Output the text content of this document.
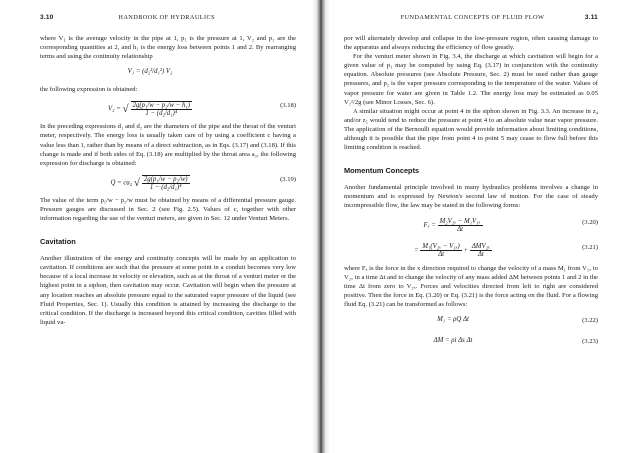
3.10	HANDBOOK OF HYDRAULICS

where V₁ is the average velocity in the pipe at 1, p₁ is the pressure at 1, V₂ and p₂ are the corresponding quantities at 2, and h₁ is the energy loss between points 1 and 2. By rearranging terms and using the continuity relationship

V₁ = (d₂²/d₁²) V₂

the following expression is obtained:

V₂ = √ $\frac{\text{2g(p₁/w − p₂/w − h₁)}}{\text{1 − (d₂/d₁)⁴}}$	(3.18)

In the preceding expressions d₁ and d₂ are the diameters of the pipe and the throat of the venturi meter, respectively. The energy loss is usually taken care of by using a coefficient c having a value less than 1, rather than by means of a direct subtraction, as in Eqs. (3.17) and (3.18). If this change is made and if both sides of Eq. (3.18) are multiplied by the throat area a₂, the following expression for discharge is obtained:

Q = ca₂ √ $\frac{\text{2g(p₁/w − p₂/w)}}{\text{1 − (d₂/d₁)⁴}}$	(3.19)

The value of the term p₁/w − p₂/w must be obtained by means of a differential pressure gauge. Pressure gauges are discussed in Sec. 2 (see Fig. 2.5). Values of c, together with other information regarding the use of the venturi meters, are given in Sec. 12 under Venturi Meters.

Cavitation

Another illustration of the energy and continuity concepts will be made by an application to cavitation. If conditions are such that the pressure at some point in a conduit becomes very low because of a local increase in velocity or elevation, such as at the throat of a venturi meter or the highest point in a siphon, then cavitation may occur. Cavitation will begin when the pressure at any location reaches an absolute pressure equal to the saturated vapor pressure of the liquid (see Fluid Properties, Sec. 1). Usually this condition is attained by increasing the discharge to the critical condition. If the discharge is increased beyond this critical condition, cavities filled with liquid va-

FUNDAMENTAL CONCEPTS OF FLUID FLOW	3.11

por will alternately develop and collapse in the low-pressure region, often causing damage to the apparatus and always reducing the efficiency of flow greatly.

For the venturi meter shown in Fig. 3.4, the discharge at which cavitation will begin for a given value of p₁ may be computed by using Eq. (3.17) in conjunction with the continuity equation. Absolute pressures (see Absolute Pressure, Sec. 2) must be used rather than gauge pressures, and p₂ is the vapor pressure corresponding to the temperature of the water. Values of vapor pressure for water are given in Table 1.2. The energy loss may be estimated as 0.05 V₂²/2g (see Minor Losses, Sec. 6).

A similar situation might occur at point 4 in the siphon shown in Fig. 3.3. An increase in z₄ and/or z₅ would tend to reduce the pressure at point 4 to an absolute value near vapor pressure. The application of the Bernoulli equation would provide information about limiting conditions, although it is possible that the pipe from point 4 to point 5 may cease to flow full before this limiting condition is reached.

Momentum Concepts

Another fundamental principle involved in many hydraulics problems involves a change in momentum and is expressed by Newton's second law of motion. For the case of steady incompressible flow, the law may be stated in the following forms:

$F_x = \frac{\text{M₂V₂ₓ − M₁V₁ₓ}}{\Delta t}$	(3.20)
= $\frac{\text{M₁(V₂ₓ − V₁ₓ)}}{\Delta t} + \frac{\text{ΔMV₂ₓ}}{\Delta t}$	(3.21)

where Fₓ is the force in the x direction required to change the velocity of a mass M₁ from V₁ₓ to V₂ₓ in a time Δt and to change the velocity of any mass added ΔM between points 1 and 2 in the time Δt from zero to V₂ₓ. Forces and velocities directed from left to right are considered positive. Then the force in Eq. (3.20) or Eq. (3.21) is the force acting on the fluid. For a flowing fluid Eq. (3.21) can be transformed as follows:

M₁ = ρQ Δt	(3.22)
ΔM = ρi Δs Δt	(3.23)
